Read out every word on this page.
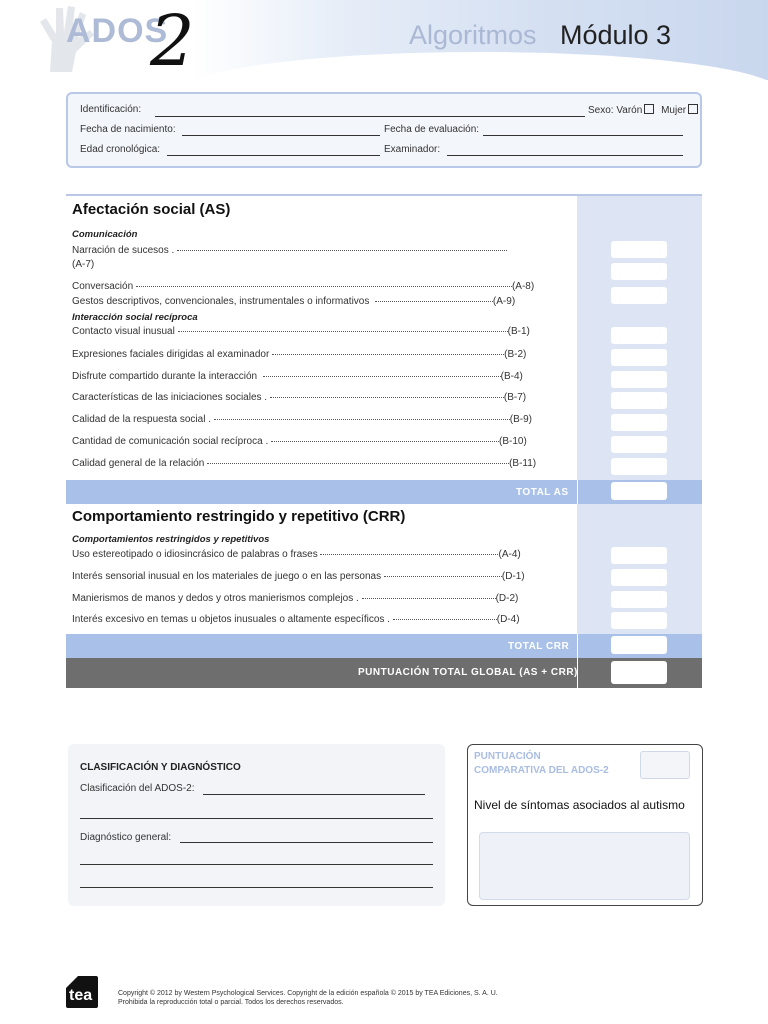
ADOS
2	Algoritmos Módulo 3
Identificación:	Sexo: Varón Mujer
Fecha de nacimiento:	Fecha de evaluación:
Edad cronológica:	Examinador:
Afectación social (AS)
Comunicación
Narración de sucesos .
(A-7)
Conversación	(A-8)
Gestos descriptivos, convencionales, instrumentales o informativos	(A-9)
Interacción social recíproca
Contacto visual inusual	(B-1)
Expresiones faciales dirigidas al examinador	(B-2)
Disfrute compartido durante la interacción	(B-4)
Características de las iniciaciones sociales .	(B-7)
Calidad de la respuesta social .	(B-9)
Cantidad de comunicación social recíproca .	(B-10)
Calidad general de la relación	(B-11)
TOTAL AS
Comportamiento restringido y repetitivo (CRR)
Comportamientos restringidos y repetitivos
Uso estereotipado o idiosincrásico de palabras o frases	(A-4)
Interés sensorial inusual en los materiales de juego o en las personas	(D-1)
Manierismos de manos y dedos y otros manierismos complejos .	(D-2)
Interés excesivo en temas u objetos inusuales o altamente específicos .	(D-4)
TOTAL CRR
PUNTUACIÓN TOTAL GLOBAL (AS + CRR)
CLASIFICACIÓN Y DIAGNÓSTICO
Clasificación del ADOS-2:
Diagnóstico general:
PUNTUACIÓN
COMPARATIVA DEL ADOS-2
Nivel de síntomas asociados al autismo
tea	Copyright © 2012 by Western Psychological Services. Copyright de la edición española © 2015 by TEA Ediciones, S. A. U.
Prohibida la reproducción total o parcial. Todos los derechos reservados.
